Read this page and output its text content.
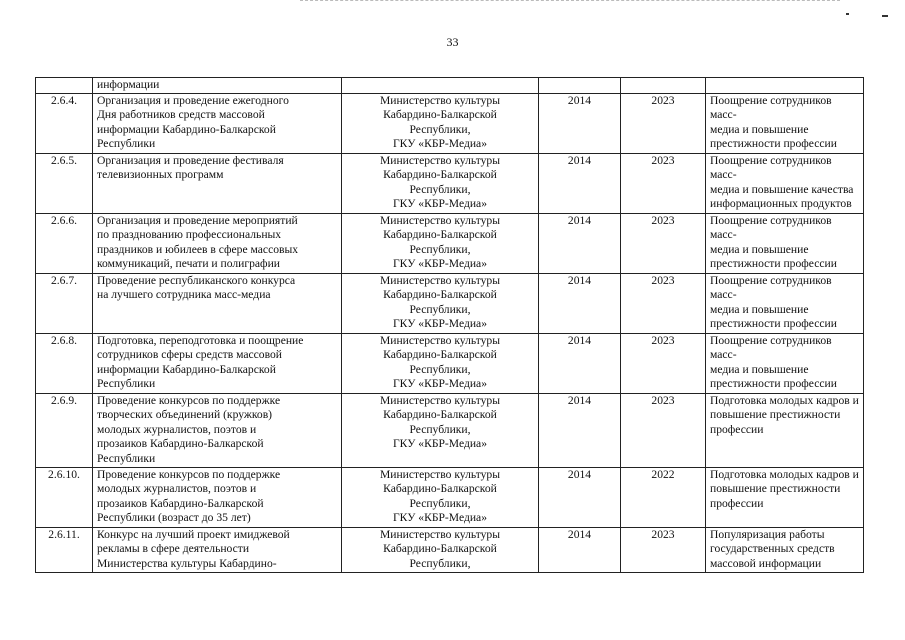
33

	информации				

2.6.4.	Организация и проведение ежегодного
Дня работников средств массовой
информации Кабардино-Балкарской
Республики	Министерство культуры
Кабардино-Балкарской
Республики,
ГКУ «КБР-Медиа»	2014	2023	Поощрение сотрудников масс-
медиа и повышение
престижности профессии

2.6.5.	Организация и проведение фестиваля
телевизионных программ	Министерство культуры
Кабардино-Балкарской
Республики,
ГКУ «КБР-Медиа»	2014	2023	Поощрение сотрудников масс-
медиа и повышение качества
информационных продуктов

2.6.6.	Организация и проведение мероприятий
по празднованию профессиональных
праздников и юбилеев в сфере массовых
коммуникаций, печати и полиграфии	Министерство культуры
Кабардино-Балкарской
Республики,
ГКУ «КБР-Медиа»	2014	2023	Поощрение сотрудников масс-
медиа и повышение
престижности профессии

2.6.7.	Проведение республиканского конкурса
на лучшего сотрудника масс-медиа	Министерство культуры
Кабардино-Балкарской
Республики,
ГКУ «КБР-Медиа»	2014	2023	Поощрение сотрудников масс-
медиа и повышение
престижности профессии

2.6.8.	Подготовка, переподготовка и поощрение
сотрудников сферы средств массовой
информации Кабардино-Балкарской
Республики	Министерство культуры
Кабардино-Балкарской
Республики,
ГКУ «КБР-Медиа»	2014	2023	Поощрение сотрудников масс-
медиа и повышение
престижности профессии

2.6.9.	Проведение конкурсов по поддержке
творческих объединений (кружков)
молодых журналистов, поэтов и
прозаиков Кабардино-Балкарской
Республики	Министерство культуры
Кабардино-Балкарской
Республики,
ГКУ «КБР-Медиа»	2014	2023	Подготовка молодых кадров и
повышение престижности
профессии

2.6.10.	Проведение конкурсов по поддержке
молодых журналистов, поэтов и
прозаиков Кабардино-Балкарской
Республики (возраст до 35 лет)	Министерство культуры
Кабардино-Балкарской
Республики,
ГКУ «КБР-Медиа»	2014	2022	Подготовка молодых кадров и
повышение престижности
профессии

2.6.11.	Конкурс на лучший проект имиджевой
рекламы в сфере деятельности
Министерства культуры Кабардино-	Министерство культуры
Кабардино-Балкарской
Республики,	2014	2023	Популяризация работы
государственных средств
массовой информации
